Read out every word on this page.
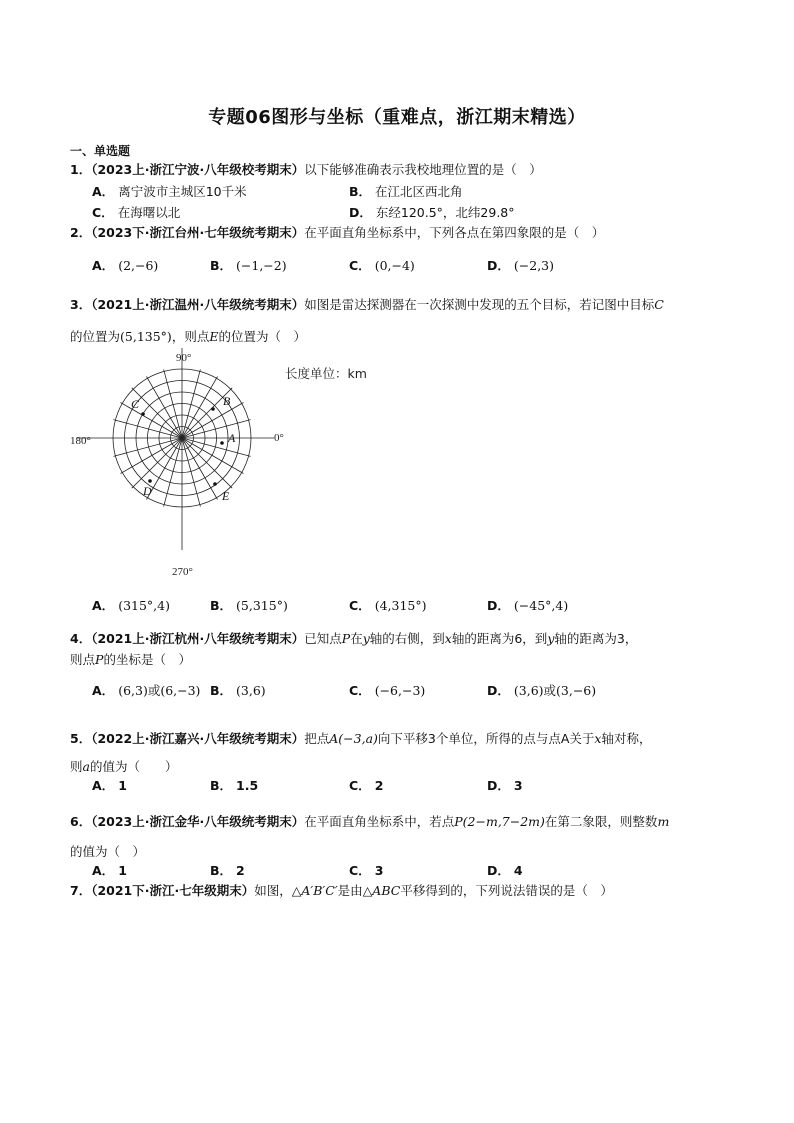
专题06图形与坐标（重难点，浙江期末精选）
一、单选题
1．（2023上·浙江宁波·八年级校考期末）以下能够准确表示我校地理位置的是（　）
A． 离宁波市主城区10千米	B． 在江北区西北角
C． 在海曙以北	D． 东经120.5°，北纬29.8°
2．（2023下·浙江台州·七年级统考期末）在平面直角坐标系中，下列各点在第四象限的是（　）
A． (2,−6)	B． (−1,−2)	C． (0,−4)	D． (−2,3)
3．（2021上·浙江温州·八年级统考期末）如图是雷达探测器在一次探测中发现的五个目标，若记图中目标C
的位置为(5,135°)，则点E的位置为（　）
长度单位：km
90°
180°	0°
270°
C	B
A
D	E
A． (315°,4)	B． (5,315°)	C． (4,315°)	D． (−45°,4)
4．（2021上·浙江杭州·八年级统考期末）已知点P在y轴的右侧，到x轴的距离为6，到y轴的距离为3，
则点P的坐标是（　）
A． (6,3)或(6,−3) B． (3,6)	C． (−6,−3)	D． (3,6)或(3,−6)
5．（2022上·浙江嘉兴·八年级统考期末）把点A(−3,a)向下平移3个单位，所得的点与点A关于x轴对称，
则a的值为（　　）
A． 1	B． 1.5	C． 2	D． 3
6．（2023上·浙江金华·八年级统考期末）在平面直角坐标系中，若点P(2−m,7−2m)在第二象限，则整数m
的值为（　）
A． 1	B． 2	C． 3	D． 4
7．（2021下·浙江·七年级期末）如图，△A′B′C′是由△ABC平移得到的，下列说法错误的是（　）
